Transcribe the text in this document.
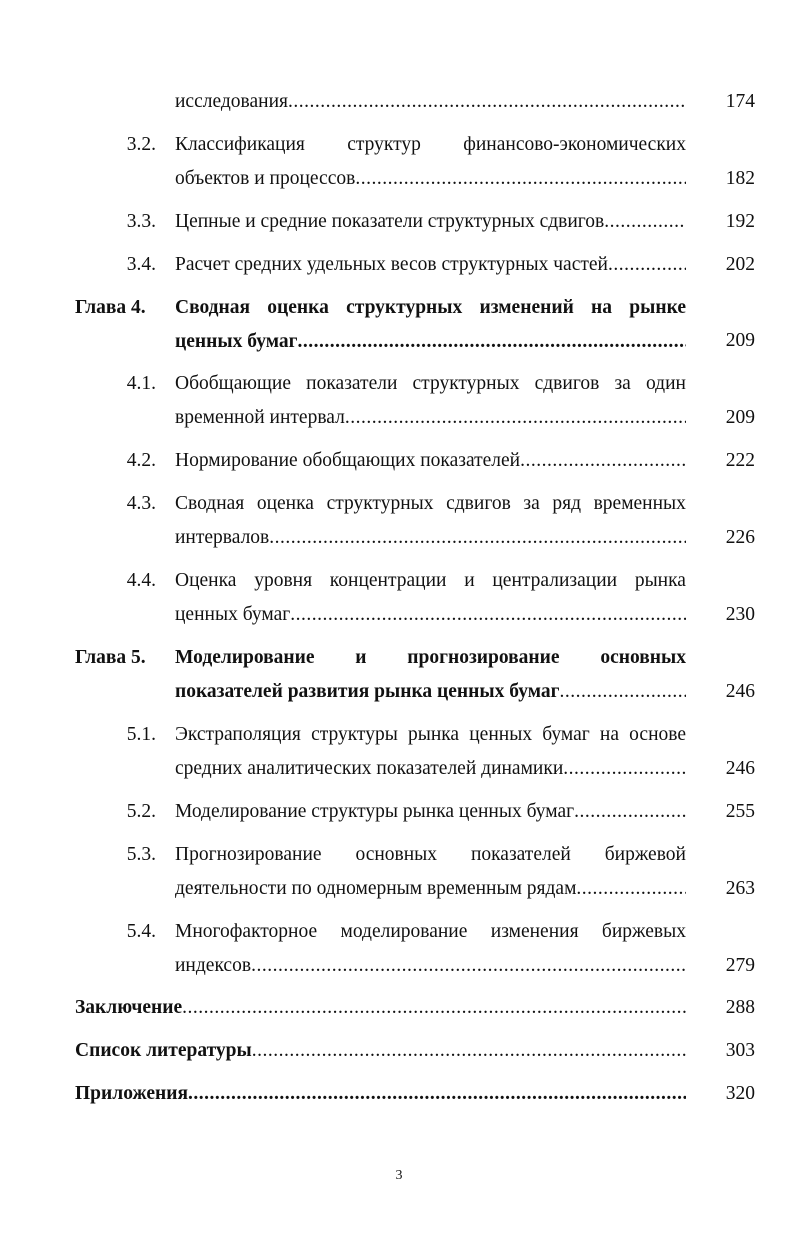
исследования .....	174
3.2. Классификация структур финансово-экономических
объектов и процессов .....	182
3.3. Цепные и средние показатели структурных сдвигов .....	192
3.4. Расчет средних удельных весов структурных частей .....	202
Глава 4. Сводная оценка структурных изменений на рынке
ценных бумаг .....	209
4.1. Обобщающие показатели структурных сдвигов за один
временной интервал .....	209
4.2. Нормирование обобщающих показателей .....	222
4.3. Сводная оценка структурных сдвигов за ряд временных
интервалов .....	226
4.4. Оценка уровня концентрации и централизации рынка
ценных бумаг .....	230
Глава 5. Моделирование и прогнозирование основных
показателей развития рынка ценных бумаг .....	246
5.1. Экстраполяция структуры рынка ценных бумаг на основе
средних аналитических показателей динамики .....	246
5.2. Моделирование структуры рынка ценных бумаг .....	255
5.3. Прогнозирование основных показателей биржевой
деятельности по одномерным временным рядам .....	263
5.4. Многофакторное моделирование изменения биржевых
индексов .....	279
Заключение .....	288
Список литературы .....	303
Приложения .....	320
3
